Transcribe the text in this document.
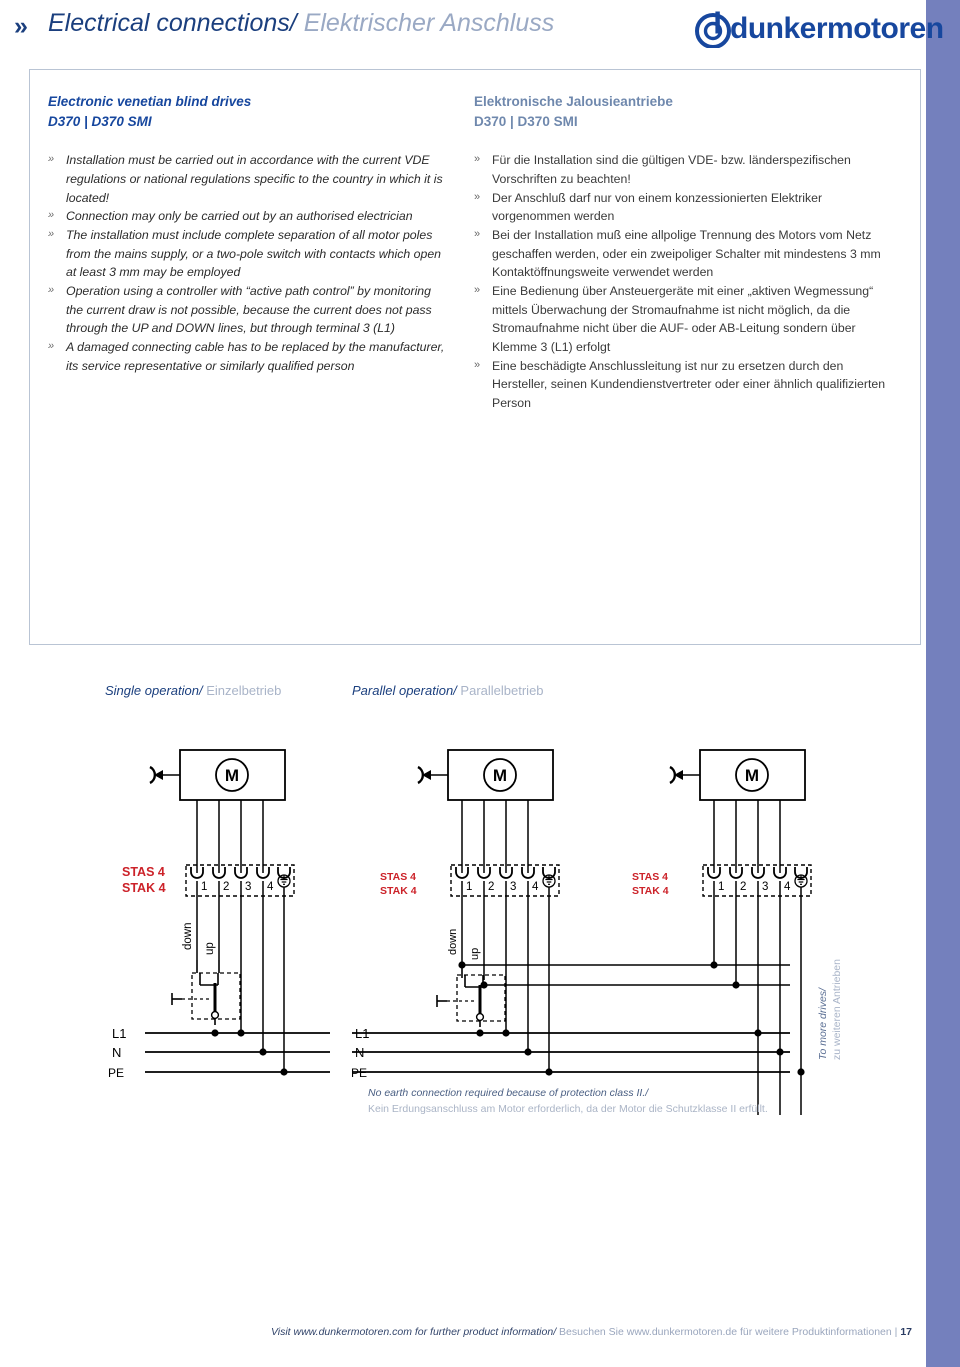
» Electrical connections/ Elektrischer Anschluss	dunkermotoren
Electronic venetian blind drives
D370 | D370 SMI
» Installation must be carried out in accordance with the current VDE regulations or national regulations specific to the country in which it is located!
» Connection may only be carried out by an authorised electrician
» The installation must include complete separation of all motor poles from the mains supply, or a two-pole switch with contacts which open at least 3 mm may be employed
» Operation using a controller with “active path control” by monitoring the current draw is not possible, because the current does not pass through the UP and DOWN lines, but through terminal 3 (L1)
» A damaged connecting cable has to be replaced by the manufacturer, its service representative or similarly qualified person
Elektronische Jalousieantriebe
D370 | D370 SMI
» Für die Installation sind die gültigen VDE- bzw. länderspezifischen Vorschriften zu beachten!
» Der Anschluß darf nur von einem konzessionierten Elektriker vorgenommen werden
» Bei der Installation muß eine allpolige Trennung des Motors vom Netz geschaffen werden, oder ein zweipoliger Schalter mit mindestens 3 mm Kontaktöffnungsweite verwendet werden
» Eine Bedienung über Ansteuergeräte mit einer „aktiven Wegmessung“ mittels Überwachung der Stromaufnahme ist nicht möglich, da die Stromaufnahme nicht über die AUF- oder AB-Leitung sondern über Klemme 3 (L1) erfolgt
» Eine beschädigte Anschlussleitung ist nur zu ersetzen durch den Hersteller, seinen Kundendienstvertreter oder einer ähnlich qualifizierten Person
Single operation/ Einzelbetrieb	Parallel operation/ Parallelbetrieb
M
1 2 3 4
STAS 4
STAK 4
down up
L1
N
PE
1 2 3 4
STAS 4
STAK 4
down up
L1
N
PE
1 2 3 4
STAS 4
STAK 4
To more drives/ zu weiteren Antrieben
No earth connection required because of protection class II./
Kein Erdungsanschluss am Motor erforderlich, da der Motor die Schutzklasse II erfüllt.
Visit www.dunkermotoren.com for further product information/ Besuchen Sie www.dunkermotoren.de für weitere Produktinformationen | 17
